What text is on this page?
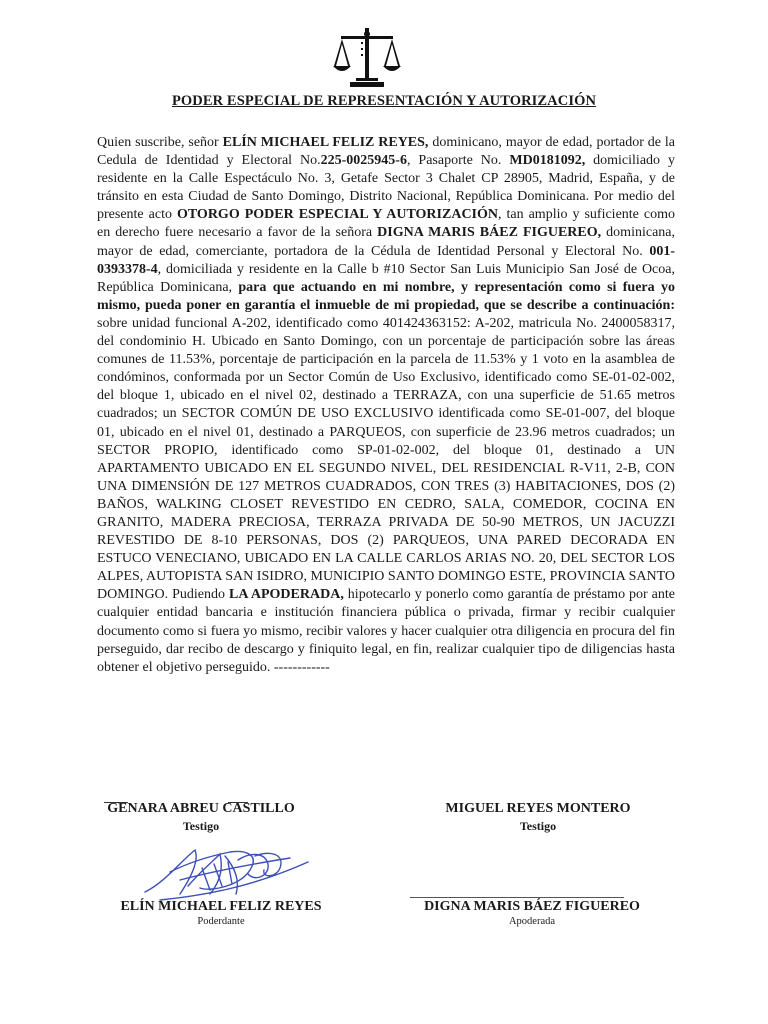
PODER ESPECIAL DE REPRESENTACIÓN Y AUTORIZACIÓN
Quien suscribe, señor ELÍN MICHAEL FELIZ REYES, dominicano, mayor de edad, portador de la Cedula de Identidad y Electoral No.225-0025945-6, Pasaporte No. MD0181092, domiciliado y residente en la Calle Espectáculo No. 3, Getafe Sector 3 Chalet CP 28905, Madrid, España, y de tránsito en esta Ciudad de Santo Domingo, Distrito Nacional, República Dominicana. Por medio del presente acto OTORGO PODER ESPECIAL Y AUTORIZACIÓN, tan amplio y suficiente como en derecho fuere necesario a favor de la señora DIGNA MARIS BÁEZ FIGUEREO, dominicana, mayor de edad, comerciante, portadora de la Cédula de Identidad Personal y Electoral No. 001-0393378-4, domiciliada y residente en la Calle b #10 Sector San Luis Municipio San José de Ocoa, República Dominicana, para que actuando en mi nombre, y representación como si fuera yo mismo, pueda poner en garantía el inmueble de mi propiedad, que se describe a continuación: sobre unidad funcional A-202, identificado como 401424363152: A-202, matricula No. 2400058317, del condominio H. Ubicado en Santo Domingo, con un porcentaje de participación sobre las áreas comunes de 11.53%, porcentaje de participación en la parcela de 11.53% y 1 voto en la asamblea de condóminos, conformada por un Sector Común de Uso Exclusivo, identificado como SE-01-02-002, del bloque 1, ubicado en el nivel 02, destinado a TERRAZA, con una superficie de 51.65 metros cuadrados; un SECTOR COMÚN DE USO EXCLUSIVO identificada como SE-01-007, del bloque 01, ubicado en el nivel 01, destinado a PARQUEOS, con superficie de 23.96 metros cuadrados; un SECTOR PROPIO, identificado como SP-01-02-002, del bloque 01, destinado a UN APARTAMENTO UBICADO EN EL SEGUNDO NIVEL, DEL RESIDENCIAL R-V11, 2-B, CON UNA DIMENSIÓN DE 127 METROS CUADRADOS, CON TRES (3) HABITACIONES, DOS (2) BAÑOS, WALKING CLOSET REVESTIDO EN CEDRO, SALA, COMEDOR, COCINA EN GRANITO, MADERA PRECIOSA, TERRAZA PRIVADA DE 50-90 METROS, UN JACUZZI REVESTIDO DE 8-10 PERSONAS, DOS (2) PARQUEOS, UNA PARED DECORADA EN ESTUCO VENECIANO, UBICADO EN LA CALLE CARLOS ARIAS NO. 20, DEL SECTOR LOS ALPES, AUTOPISTA SAN ISIDRO, MUNICIPIO SANTO DOMINGO ESTE, PROVINCIA SANTO DOMINGO. Pudiendo LA APODERADA, hipotecarlo y ponerlo como garantía de préstamo por ante cualquier entidad bancaria e institución financiera pública o privada, firmar y recibir cualquier documento como si fuera yo mismo, recibir valores y hacer cualquier otra diligencia en procura del fin perseguido, dar recibo de descargo y finiquito legal, en fin, realizar cualquier tipo de diligencias hasta obtener el objetivo perseguido. ------------
GENARA ABREU CASTILLO
Testigo
MIGUEL REYES MONTERO
Testigo
ELÍN MICHAEL FELIZ REYES
Poderdante
DIGNA MARIS BÁEZ FIGUEREO
Apoderada
